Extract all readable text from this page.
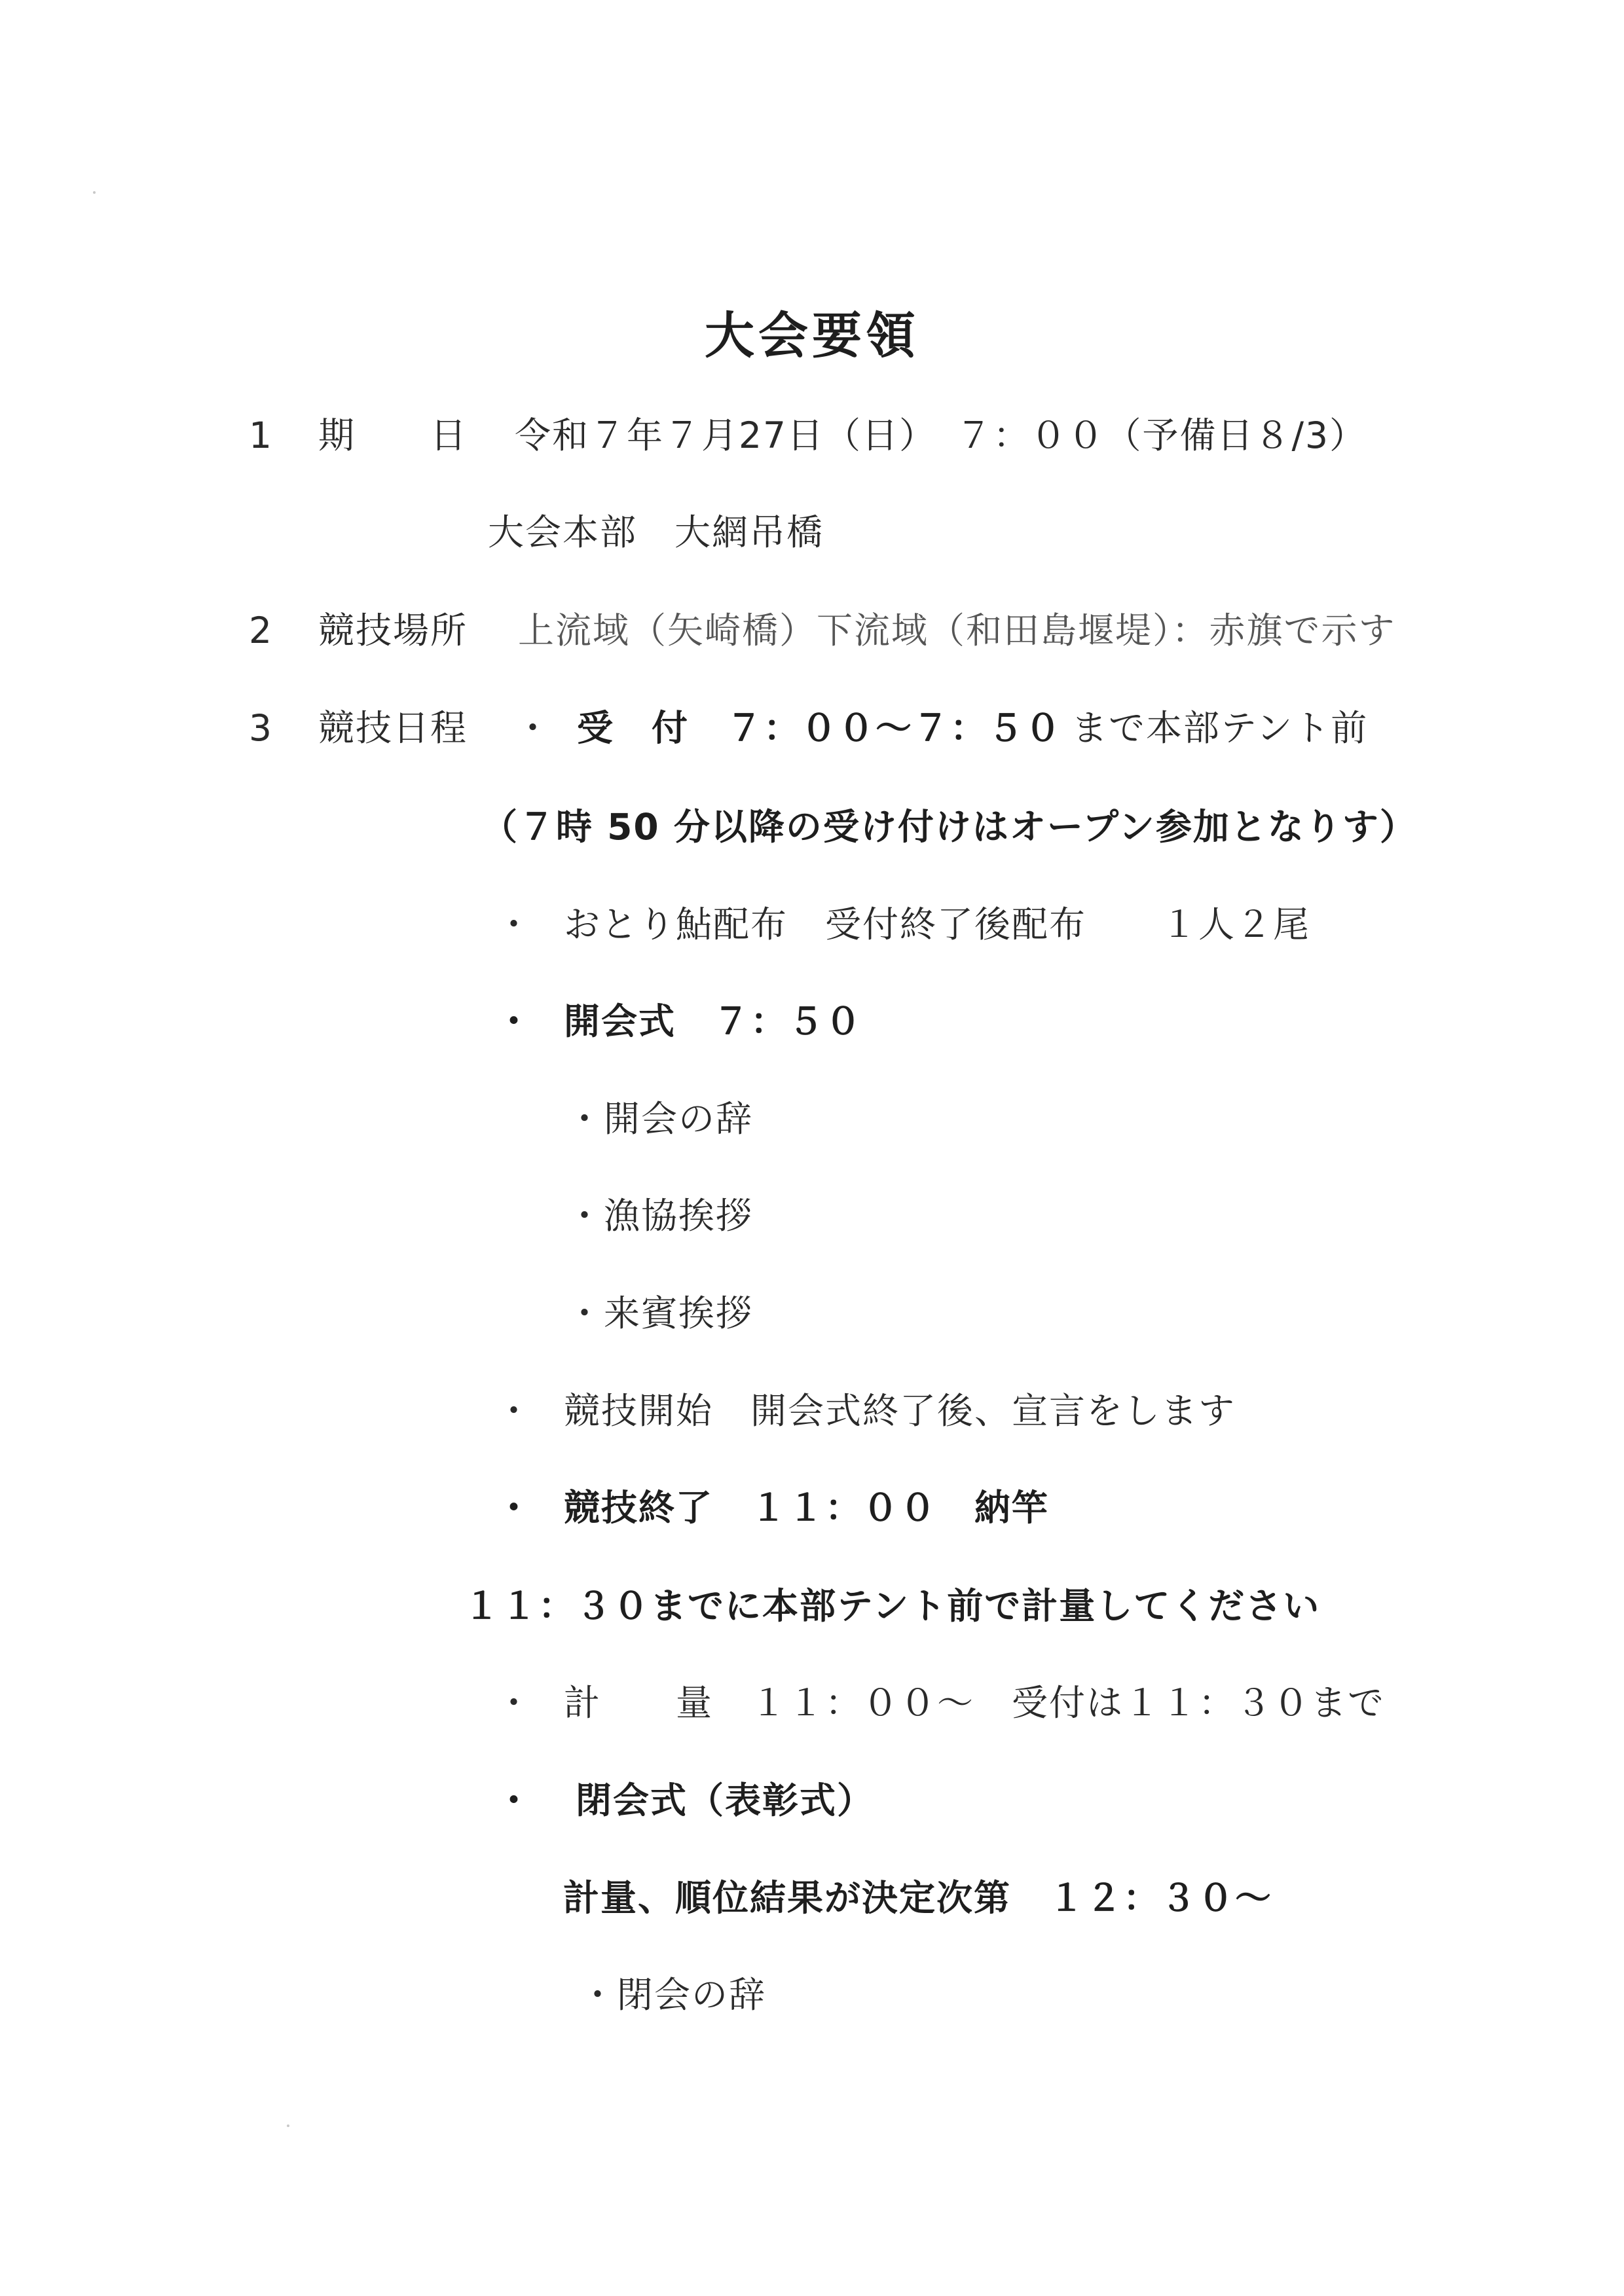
大会要領
1 期　　日 令和７年７月27日（日）　７：００（予備日８/3）
大会本部　大網吊橋
2 競技場所 上流域（矢崎橋）下流域（和田島堰堤）：赤旗で示す
3 競技日程 ・ 受　付　７：００～７：５０ まで本部テント前
（７時 50 分以降の受け付けはオープン参加となりす）
・ おとり鮎配布　受付終了後配布　　１人２尾
・ 開会式　７：５０
・開会の辞
・漁協挨拶
・来賓挨拶
・ 競技開始　開会式終了後、宣言をします
・ 競技終了　１１：００　納竿
１１：３０までに本部テント前で計量してください
・ 計　　量　１１：００～　受付は１１：３０まで
・ 閉会式（表彰式）
計量、順位結果が決定次第　１２：３０～
・閉会の辞
